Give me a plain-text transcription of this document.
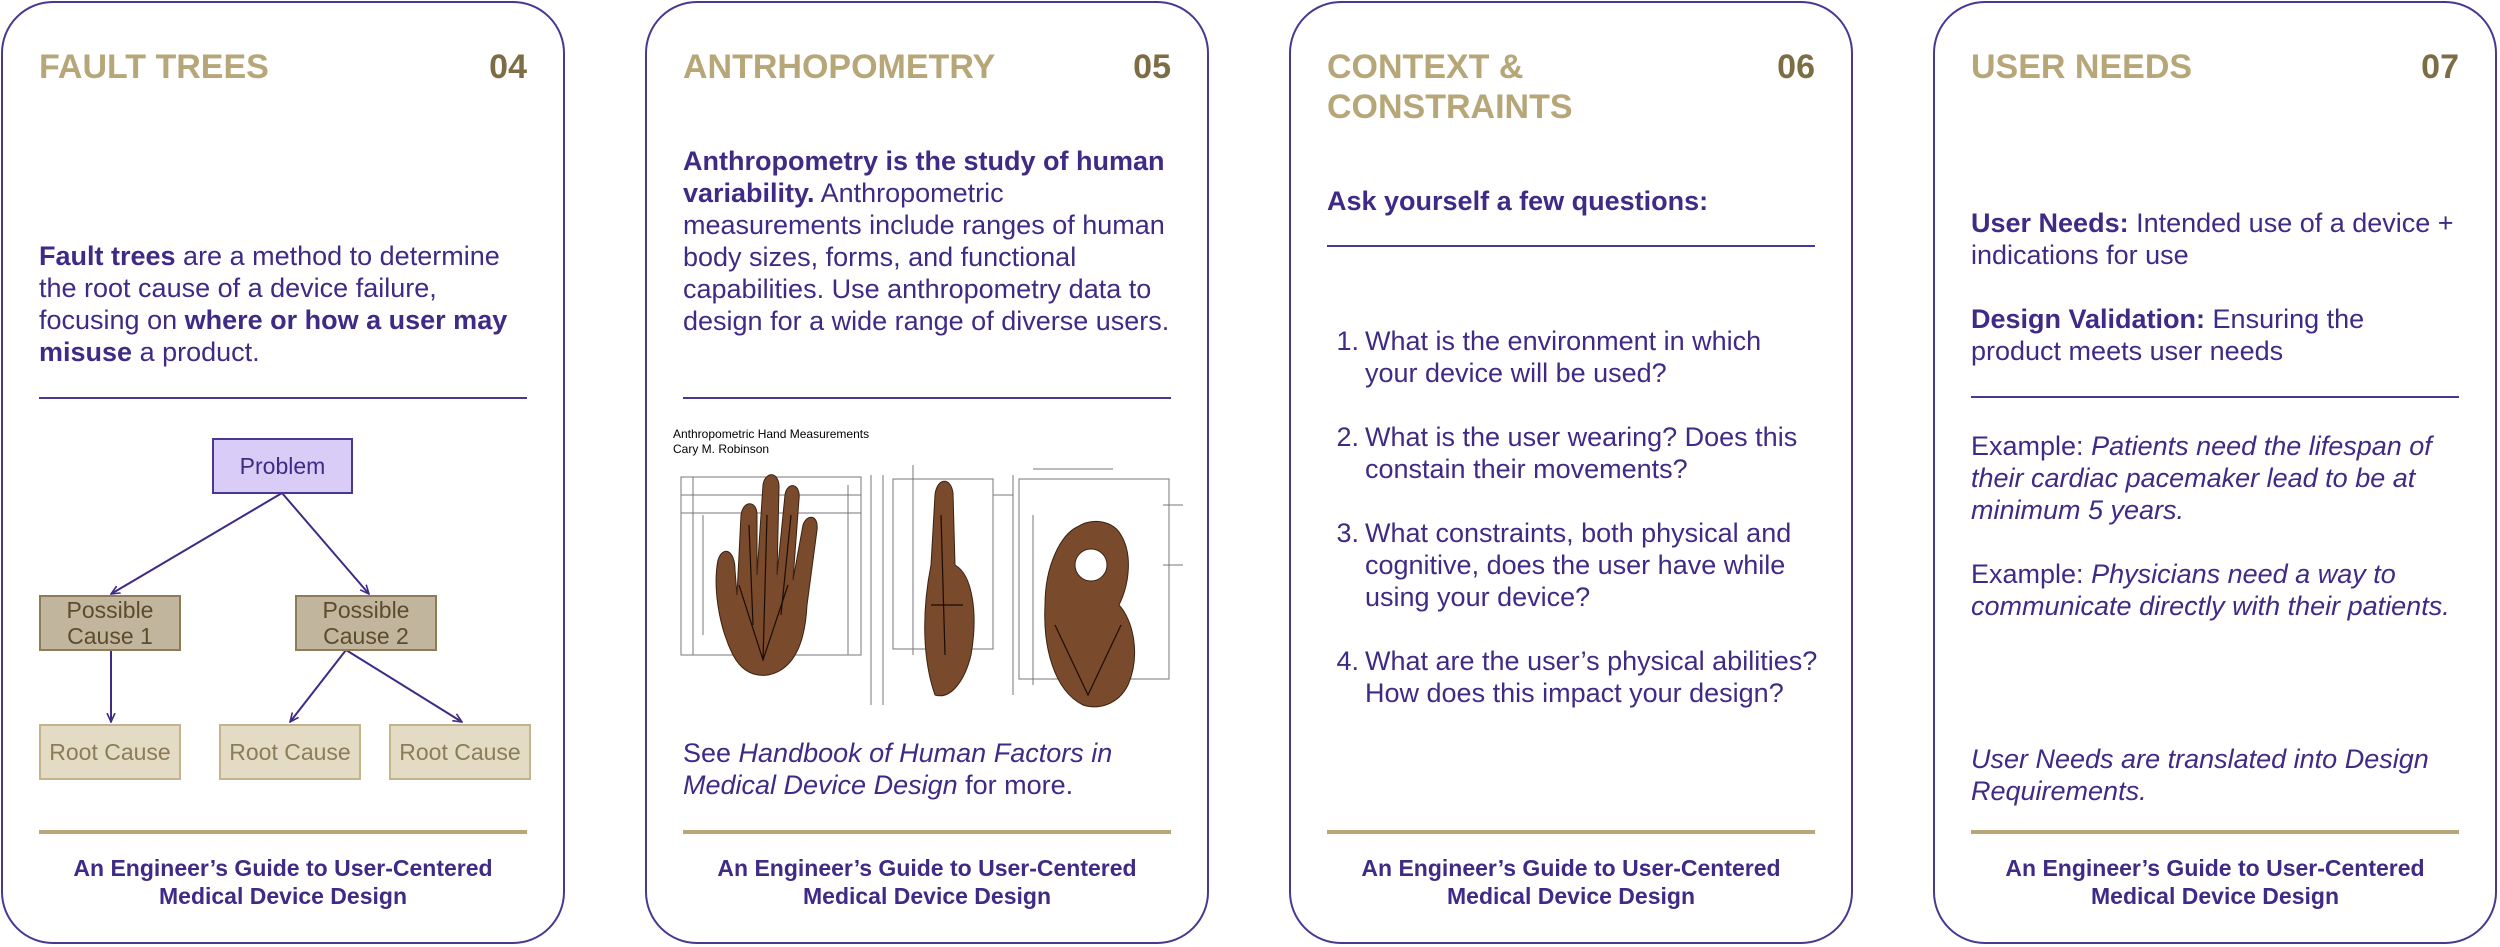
FAULT TREES	04
Fault trees are a method to determine the root cause of a device failure, focusing on where or how a user may misuse a product.
Problem
Possible Cause 1
Possible Cause 2
Root Cause	Root Cause Root Cause
An Engineer’s Guide to User-Centered Medical Device Design
ANTRHOPOMETRY	05
Anthropometry is the study of human variability. Anthropometric measurements include ranges of human body sizes, forms, and functional capabilities. Use anthropometry data to design for a wide range of diverse users.
Anthropometric Hand Measurements
Cary M. Robinson
See Handbook of Human Factors in Medical Device Design for more.
An Engineer’s Guide to User-Centered Medical Device Design
CONTEXT & CONSTRAINTS
06
Ask yourself a few questions:
1. What is the environment in which your device will be used?
2. What is the user wearing? Does this constain their movements?
3. What constraints, both physical and cognitive, does the user have while using your device?
4. What are the user’s physical abilities? How does this impact your design?
An Engineer’s Guide to User-Centered Medical Device Design
USER NEEDS	07
User Needs: Intended use of a device + indications for use
Design Validation: Ensuring the product meets user needs
Example: Patients need the lifespan of their cardiac pacemaker lead to be at minimum 5 years.
Example: Physicians need a way to communicate directly with their patients.
User Needs are translated into Design Requirements.
An Engineer’s Guide to User-Centered Medical Device Design
